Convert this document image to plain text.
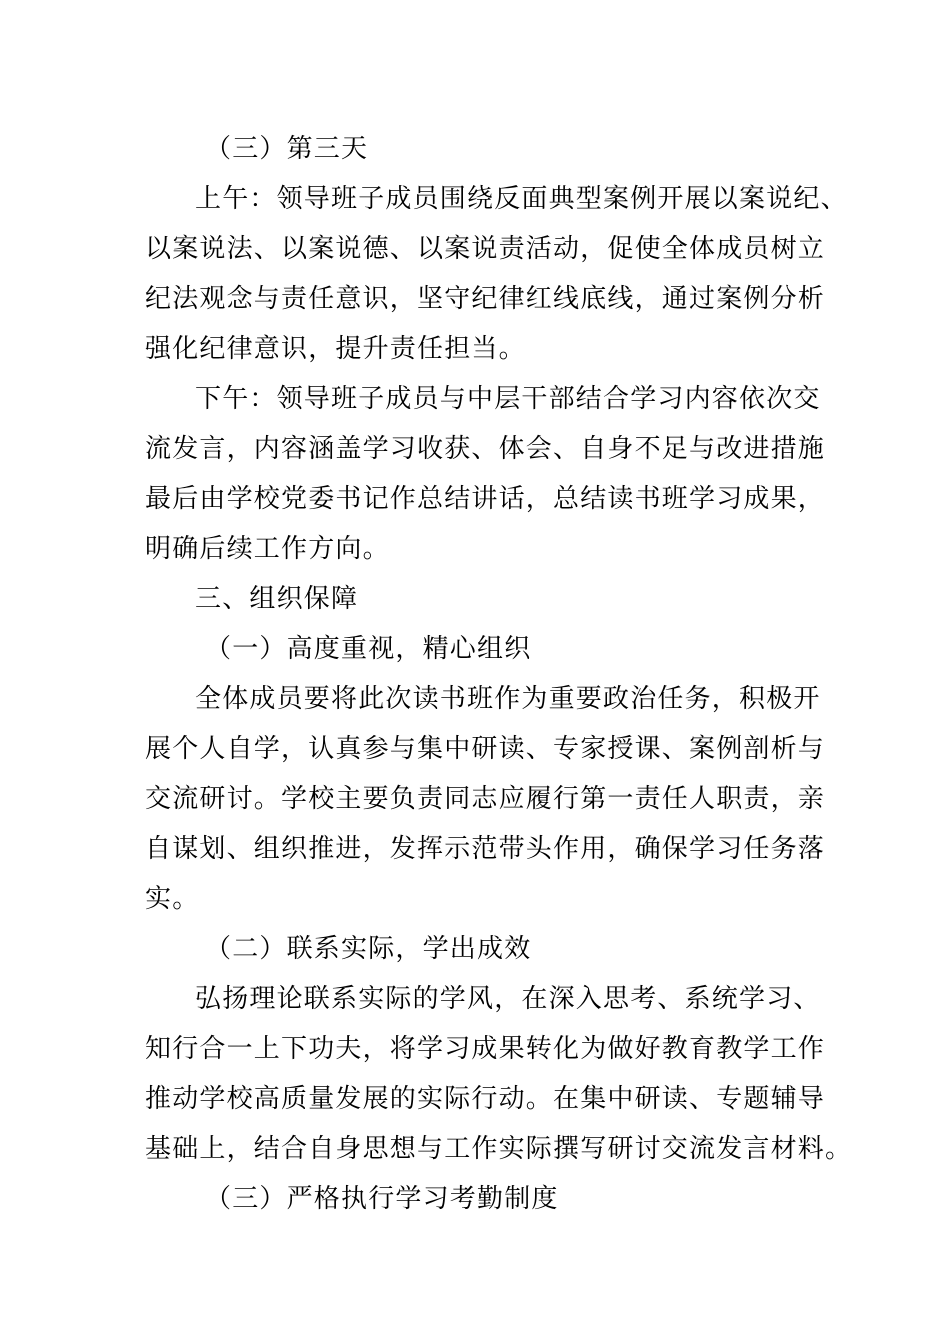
（三）第三天
上午：领导班子成员围绕反面典型案例开展以案说纪、
以案说法、以案说德、以案说责活动，促使全体成员树立
纪法观念与责任意识，坚守纪律红线底线，通过案例分析
强化纪律意识，提升责任担当。
下午：领导班子成员与中层干部结合学习内容依次交
流发言，内容涵盖学习收获、体会、自身不足与改进措施
最后由学校党委书记作总结讲话，总结读书班学习成果，
明确后续工作方向。
三、组织保障
（一）高度重视，精心组织
全体成员要将此次读书班作为重要政治任务，积极开
展个人自学，认真参与集中研读、专家授课、案例剖析与
交流研讨。学校主要负责同志应履行第一责任人职责，亲
自谋划、组织推进，发挥示范带头作用，确保学习任务落
实。
（二）联系实际，学出成效
弘扬理论联系实际的学风，在深入思考、系统学习、
知行合一上下功夫，将学习成果转化为做好教育教学工作
推动学校高质量发展的实际行动。在集中研读、专题辅导
基础上，结合自身思想与工作实际撰写研讨交流发言材料。
（三）严格执行学习考勤制度
